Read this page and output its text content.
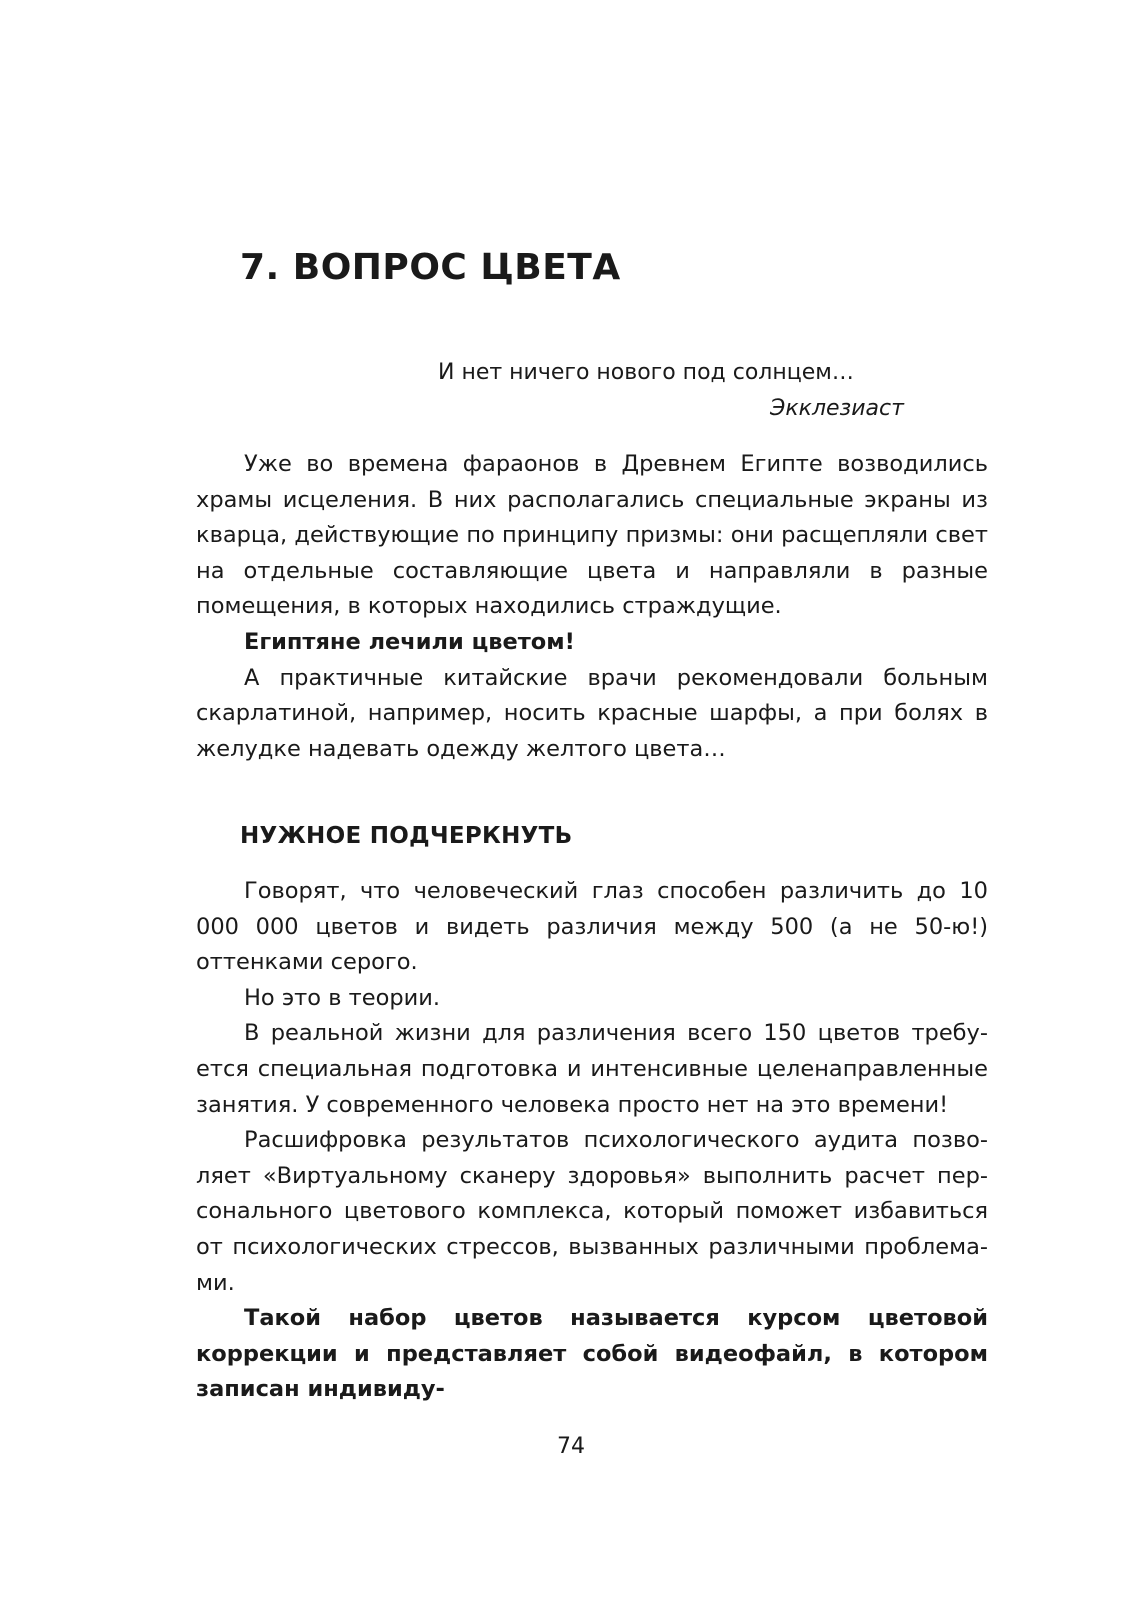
7. ВОПРОС ЦВЕТА

И нет ничего нового под солнцем…

Экклезиаст

Уже во времена фараонов в Древнем Египте возводились храмы исцеления. В них располагались специальные экраны из кварца, действующие по принципу призмы: они расщепляли свет на отдельные составляющие цвета и направляли в разные помещения, в которых находились страждущие.

Египтяне лечили цветом!

А практичные китайские врачи рекомендовали больным скарлатиной, например, носить красные шарфы, а при болях в желудке надевать одежду желтого цвета…

НУЖНОЕ ПОДЧЕРКНУТЬ

Говорят, что человеческий глаз способен различить до 10 000 000 цветов и видеть различия между 500 (а не 50-ю!) оттенками серого.

Но это в теории.

В реальной жизни для различения всего 150 цветов требуется специальная подготовка и интенсивные целенаправленные занятия. У современного человека просто нет на это времени!

Расшифровка результатов психологического аудита позволяет «Виртуальному сканеру здоровья» выполнить расчет персонального цветового комплекса, который поможет избавиться от психологических стрессов, вызванных различными проблемами.

Такой набор цветов называется курсом цветовой коррекции и представляет собой видеофайл, в котором записан индивиду-

74
